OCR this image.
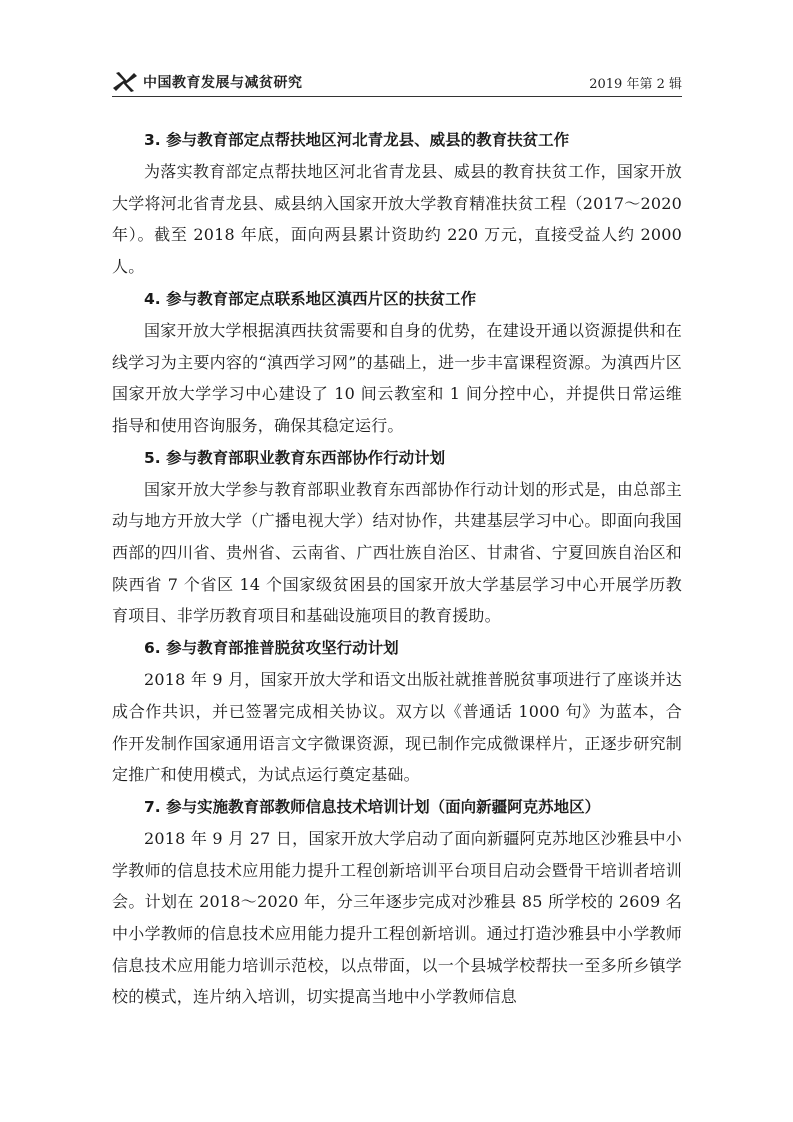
中国教育发展与减贫研究	2019 年第 2 辑
3. 参与教育部定点帮扶地区河北青龙县、威县的教育扶贫工作

为落实教育部定点帮扶地区河北省青龙县、威县的教育扶贫工作，国家开放大学将河北省青龙县、威县纳入国家开放大学教育精准扶贫工程（2017～2020 年）。截至 2018 年底，面向两县累计资助约 220 万元，直接受益人约 2000 人。

4. 参与教育部定点联系地区滇西片区的扶贫工作

国家开放大学根据滇西扶贫需要和自身的优势，在建设开通以资源提供和在线学习为主要内容的“滇西学习网”的基础上，进一步丰富课程资源。为滇西片区国家开放大学学习中心建设了 10 间云教室和 1 间分控中心，并提供日常运维指导和使用咨询服务，确保其稳定运行。

5. 参与教育部职业教育东西部协作行动计划

国家开放大学参与教育部职业教育东西部协作行动计划的形式是，由总部主动与地方开放大学（广播电视大学）结对协作，共建基层学习中心。即面向我国西部的四川省、贵州省、云南省、广西壮族自治区、甘肃省、宁夏回族自治区和陕西省 7 个省区 14 个国家级贫困县的国家开放大学基层学习中心开展学历教育项目、非学历教育项目和基础设施项目的教育援助。

6. 参与教育部推普脱贫攻坚行动计划

2018 年 9 月，国家开放大学和语文出版社就推普脱贫事项进行了座谈并达成合作共识，并已签署完成相关协议。双方以《普通话 1000 句》为蓝本，合作开发制作国家通用语言文字微课资源，现已制作完成微课样片，正逐步研究制定推广和使用模式，为试点运行奠定基础。

7. 参与实施教育部教师信息技术培训计划（面向新疆阿克苏地区）

2018 年 9 月 27 日，国家开放大学启动了面向新疆阿克苏地区沙雅县中小学教师的信息技术应用能力提升工程创新培训平台项目启动会暨骨干培训者培训会。计划在 2018～2020 年，分三年逐步完成对沙雅县 85 所学校的 2609 名中小学教师的信息技术应用能力提升工程创新培训。通过打造沙雅县中小学教师信息技术应用能力培训示范校，以点带面，以一个县城学校帮扶一至多所乡镇学校的模式，连片纳入培训，切实提高当地中小学教师信息
